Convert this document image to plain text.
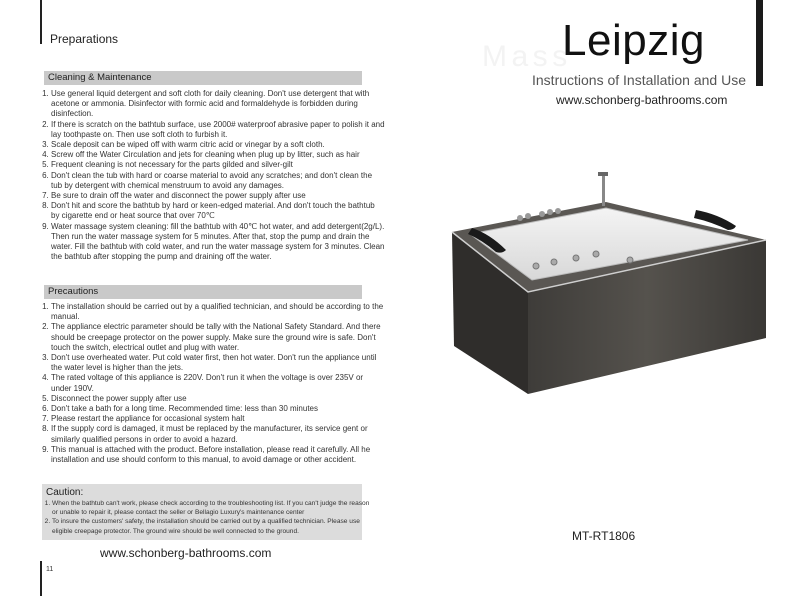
Preparations
Cleaning & Maintenance
1. Use general liquid detergent and soft cloth for daily cleaning. Don't use detergent that with acetone or ammonia. Disinfector with formic acid and formaldehyde is forbidden during disinfection.
2. If there is scratch on the bathtub surface, use 2000# waterproof abrasive paper to polish it and lay toothpaste on. Then use soft cloth to furbish it.
3. Scale deposit can be wiped off with warm citric acid or vinegar by a soft cloth.
4. Screw off the Water Circulation and jets for cleaning when plug up by litter, such as hair
5. Frequent cleaning is not necessary for the parts gilded and silver-gilt
6. Don't clean the tub with hard or coarse material to avoid any scratches; and don't clean the tub by detergent with chemical menstruum to avoid any damages.
7. Be sure to drain off the water and disconnect the power supply after use
8. Don't hit and score the bathtub by hard or keen-edged material. And don't touch the bathtub by cigarette end or heat source that over 70℃
9. Water massage system cleaning: fill the bathtub with 40℃ hot water, and add detergent(2g/L). Then run the water massage system for 5 minutes. After that, stop the pump and drain the water. Fill the bathtub with cold water, and run the water massage system for 3 minutes. Clean the bathtub after stopping the pump and draining off the water.
Precautions
1. The installation should be carried out by a qualified technician, and should be according to the manual.
2. The appliance electric parameter should be tally with the National Safety Standard. And there should be creepage protector on the power supply. Make sure the ground wire is safe. Don't touch the switch, electrical outlet and plug with water.
3. Don't use overheated water. Put cold water first, then hot water. Don't run the appliance until the water level is higher than the jets.
4. The rated voltage of this appliance is 220V. Don't run it when the voltage is over 235V or under 190V.
5. Disconnect the power supply after use
6. Don't take a bath for a long time. Recommended time: less than 30 minutes
7. Please restart the appliance for occasional system halt
8. If the supply cord is damaged, it must be replaced by the manufacturer, its service gent or similarly qualified persons in order to avoid a hazard.
9. This manual is attached with the product. Before installation, please read it carefully. All he installation and use should conform to this manual, to avoid damage or other accident.
Caution:
1. When the bathtub can't work, please check according to the troubleshooting list. If you can't judge the reason or unable to repair it, please contact the seller or Bellagio Luxury's maintenance center
2. To insure the customers' safety, the installation should be carried out by a qualified technician. Please use eligible creepage protector. The ground wire should be well connected to the ground.
www.schonberg-bathrooms.com
11
M a s s
Leipzig
Instructions of Installation and Use
www.schonberg-bathrooms.com
MT-RT1806
